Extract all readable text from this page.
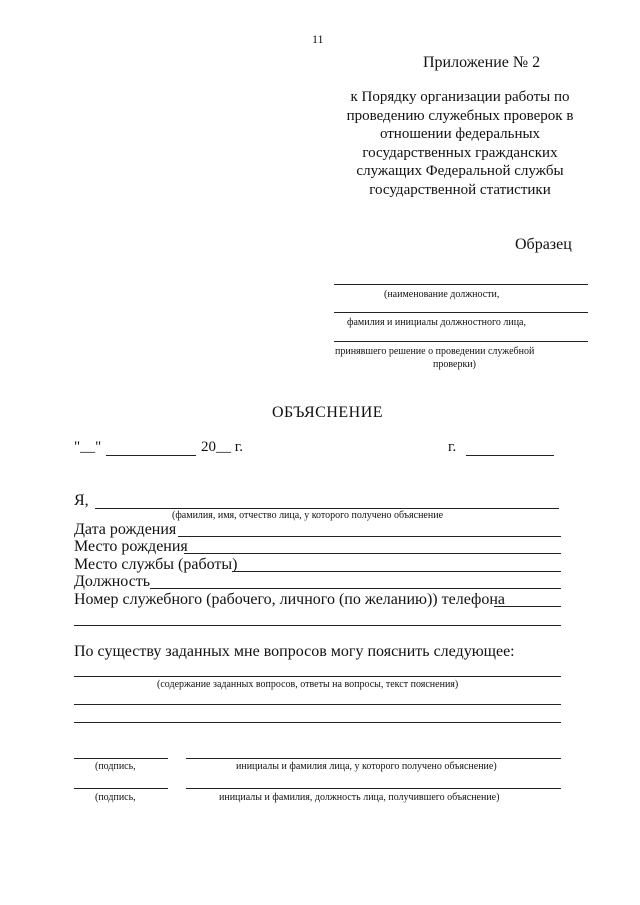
11
Приложение № 2
к Порядку организации работы по
проведению служебных проверок в
отношении федеральных
государственных гражданских
служащих Федеральной службы
государственной статистики
Образец
(наименование должности,
фамилия и инициалы должностного лица,
принявшего решение о проведении служебной
проверки)
ОБЪЯСНЕНИЕ
"__"	20__ г.	г.
Я,
(фамилия, имя, отчество лица, у которого получено объяснение
Дата рождения
Место рождения
Место службы (работы)
Должность
Номер служебного (рабочего, личного (по желанию)) телефона
По существу заданных мне вопросов могу пояснить следующее:
(содержание заданных вопросов, ответы на вопросы, текст пояснения)
(подпись,	инициалы и фамилия лица, у которого получено объяснение)
(подпись,	инициалы и фамилия, должность лица, получившего объяснение)
